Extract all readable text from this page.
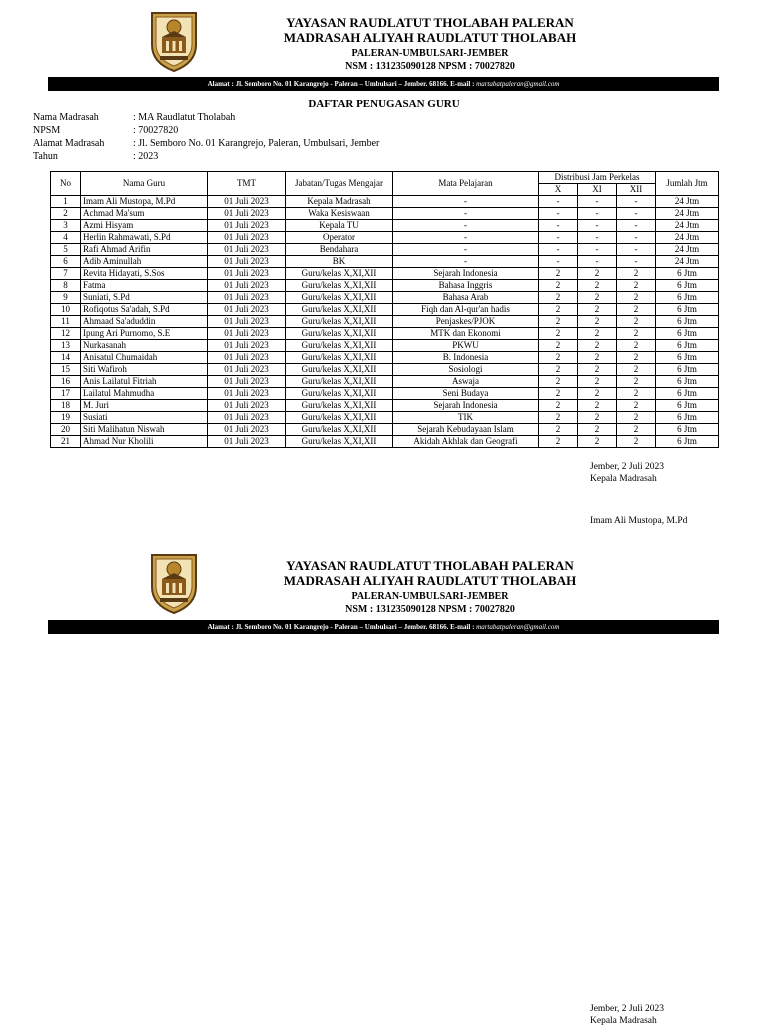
YAYASAN RAUDLATUT THOLABAH PALERAN
MADRASAH ALIYAH RAUDLATUT THOLABAH
PALERAN-UMBULSARI-JEMBER
NSM : 131235090128 NPSM : 70027820
Alamat : Jl. Semboro No. 01 Karangrejo - Paleran – Umbulsari – Jember. 68166. E-mail : martabatpaleran@gmail.com
DAFTAR PENUGASAN GURU
Nama Madrasah	: MA Raudlatut Tholabah
NPSM	: 70027820
Alamat Madrasah	: Jl. Semboro No. 01 Karangrejo, Paleran, Umbulsari, Jember
Tahun	: 2023
No	Nama Guru	TMT	Jabatan/Tugas Mengajar	Mata Pelajaran	Distribusi Jam Perkelas			Jumlah Jtm
					X	XI	XII	
1	Imam Ali Mustopa, M.Pd	01 Juli 2023	Kepala Madrasah	-	-	-	-	24 Jtm
2	Achmad Ma'sum	01 Juli 2023	Waka Kesiswaan	-	-	-	-	24 Jtm
3	Azmi Hisyam	01 Juli 2023	Kepala TU	-	-	-	-	24 Jtm
4	Herlin Rahmawati, S.Pd	01 Juli 2023	Operator	-	-	-	-	24 Jtm
5	Rafi Ahmad Arifin	01 Juli 2023	Bendahara	-	-	-	-	24 Jtm
6	Adib Aminullah	01 Juli 2023	BK	-	-	-	-	24 Jtm
7	Revita Hidayati, S.Sos	01 Juli 2023	Guru/kelas X,XI,XII	Sejarah Indonesia	2	2	2	6 Jtm
8	Fatma	01 Juli 2023	Guru/kelas X,XI,XII	Bahasa Inggris	2	2	2	6 Jtm
9	Suniati, S.Pd	01 Juli 2023	Guru/kelas X,XI,XII	Bahasa Arab	2	2	2	6 Jtm
10	Rofiqotus Sa'adah, S.Pd	01 Juli 2023	Guru/kelas X,XI,XII	Fiqh dan Al-qur'an hadis	2	2	2	6 Jtm
11	Ahmaad Sa'aduddin	01 Juli 2023	Guru/kelas X,XI,XII	Penjaskes/PJOK	2	2	2	6 Jtm
12	Ipung Ari Purnomo, S.E	01 Juli 2023	Guru/kelas X,XI,XII	MTK dan Ekonomi	2	2	2	6 Jtm
13	Nurkasanah	01 Juli 2023	Guru/kelas X,XI,XII	PKWU	2	2	2	6 Jtm
14	Anisatul Chumaidah	01 Juli 2023	Guru/kelas X,XI,XII	B. Indonesia	2	2	2	6 Jtm
15	Siti Wafiroh	01 Juli 2023	Guru/kelas X,XI,XII	Sosiologi	2	2	2	6 Jtm
16	Anis Lailatul Fitriah	01 Juli 2023	Guru/kelas X,XI,XII	Aswaja	2	2	2	6 Jtm
17	Lailatul Mahmudha	01 Juli 2023	Guru/kelas X,XI,XII	Seni Budaya	2	2	2	6 Jtm
18	M. Juri	01 Juli 2023	Guru/kelas X,XI,XII	Sejarah Indonesia	2	2	2	6 Jtm
19	Susiati	01 Juli 2023	Guru/kelas X,XI,XII	TIK	2	2	2	6 Jtm
20	Siti Malihatun Niswah	01 Juli 2023	Guru/kelas X,XI,XII	Sejarah Kebudayaan Islam	2	2	2	6 Jtm
21	Ahmad Nur Kholili	01 Juli 2023	Guru/kelas X,XI,XII	Akidah Akhlak dan Geografi	2	2	2	6 Jtm
Jember, 2 Juli 2023
Kepala Madrasah
Imam Ali Mustopa, M.Pd
YAYASAN RAUDLATUT THOLABAH PALERAN
MADRASAH ALIYAH RAUDLATUT THOLABAH
PALERAN-UMBULSARI-JEMBER
NSM : 131235090128 NPSM : 70027820
Alamat : Jl. Semboro No. 01 Karangrejo - Paleran – Umbulsari – Jember. 68166. E-mail : martabatpaleran@gmail.com
Jember, 2 Juli 2023
Kepala Madrasah
